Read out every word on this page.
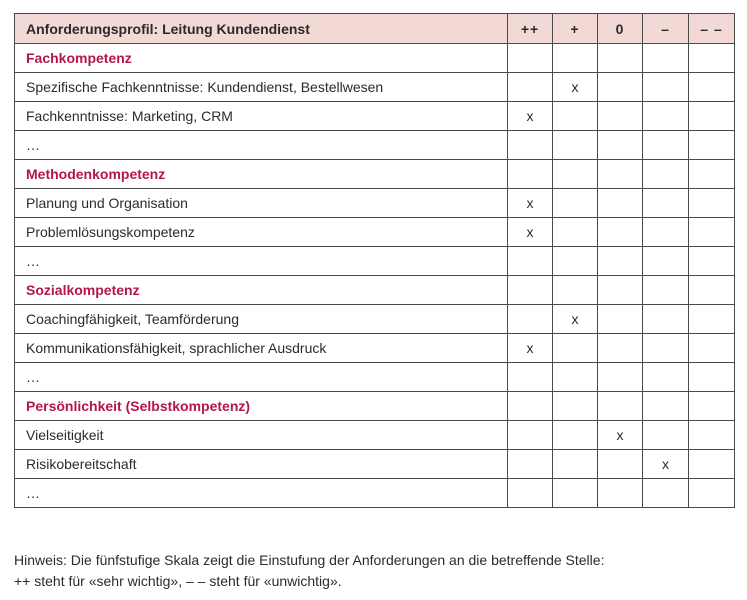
Anforderungsprofil: Leitung Kundendienst	++	+	0	–	– –
Fachkompetenz					
Spezifische Fachkenntnisse: Kundendienst, Bestellwesen		x			
Fachkenntnisse: Marketing, CRM	x				
…					
Methodenkompetenz					
Planung und Organisation	x				
Problemlösungskompetenz	x				
…					
Sozialkompetenz					
Coachingfähigkeit, Teamförderung		x			
Kommunikationsfähigkeit, sprachlicher Ausdruck	x				
…					
Persönlichkeit (Selbstkompetenz)					
Vielseitigkeit			x		
Risikobereitschaft				x	
…					
Hinweis: Die fünfstufige Skala zeigt die Einstufung der Anforderungen an die betreffende Stelle:
++ steht für «sehr wichtig», – – steht für «unwichtig».
